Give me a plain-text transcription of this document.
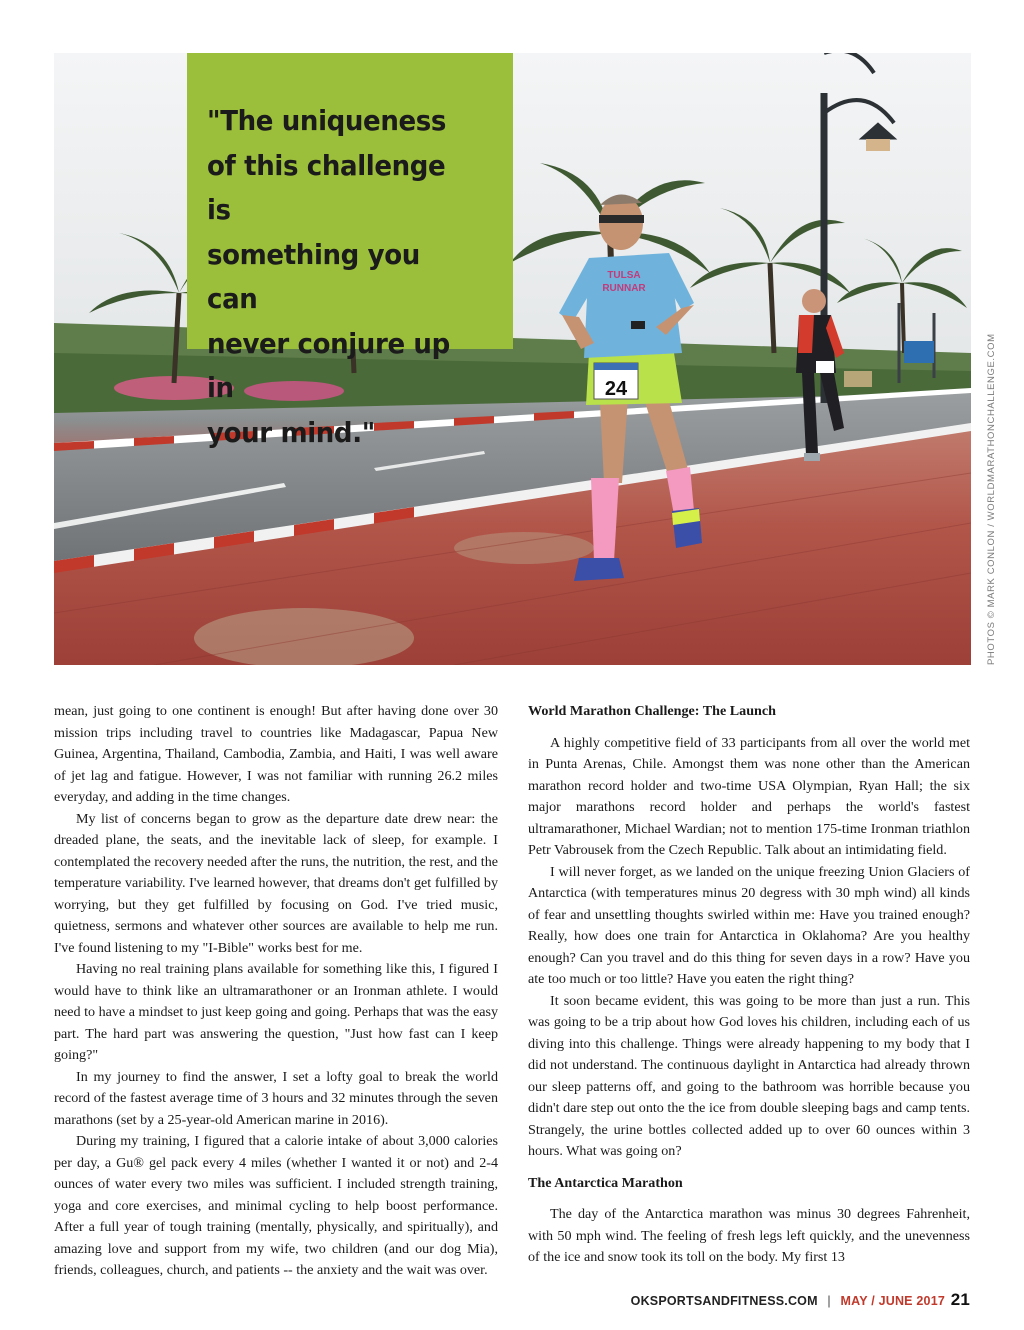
24
TULSA
RUNNAR
"The uniqueness
of this challenge is
something you can
never conjure up in
your mind."	PHOTOS © MARK CONLON / WORLDMARATHONCHALLENGE.COM

mean, just going to one continent is enough! But after having done over 30 mission trips including travel to countries like Madagascar, Papua New Guinea, Argentina, Thailand, Cambodia, Zambia, and Haiti, I was well aware of jet lag and fatigue. However, I was not familiar with running 26.2 miles everyday, and adding in the time changes.

My list of concerns began to grow as the departure date drew near: the dreaded plane, the seats, and the inevitable lack of sleep, for example. I contemplated the recovery needed after the runs, the nutrition, the rest, and the temperature variability. I've learned however, that dreams don't get fulfilled by worrying, but they get fulfilled by focusing on God. I've tried music, quietness, sermons and whatever other sources are available to help me run. I've found listening to my "I-Bible" works best for me.

Having no real training plans available for something like this, I figured I would have to think like an ultramarathoner or an Ironman athlete. I would need to have a mindset to just keep going and going. Perhaps that was the easy part. The hard part was answering the question, "Just how fast can I keep going?"

In my journey to find the answer, I set a lofty goal to break the world record of the fastest average time of 3 hours and 32 minutes through the seven marathons (set by a 25-year-old American marine in 2016).

During my training, I figured that a calorie intake of about 3,000 calories per day, a Gu® gel pack every 4 miles (whether I wanted it or not) and 2-4 ounces of water every two miles was sufficient. I included strength training, yoga and core exercises, and minimal cycling to help boost performance. After a full year of tough training (mentally, physically, and spiritually), and amazing love and support from my wife, two children (and our dog Mia), friends, colleagues, church, and patients -- the anxiety and the wait was over.

World Marathon Challenge: The Launch

A highly competitive field of 33 participants from all over the world met in Punta Arenas, Chile. Amongst them was none other than the American marathon record holder and two-time USA Olympian, Ryan Hall; the six major marathons record holder and perhaps the world's fastest ultramarathoner, Michael Wardian; not to mention 175-time Ironman triathlon Petr Vabrousek from the Czech Republic. Talk about an intimidating field.

I will never forget, as we landed on the unique freezing Union Glaciers of Antarctica (with temperatures minus 20 degress with 30 mph wind) all kinds of fear and unsettling thoughts swirled within me: Have you trained enough? Really, how does one train for Antarctica in Oklahoma? Are you healthy enough? Can you travel and do this thing for seven days in a row? Have you ate too much or too little? Have you eaten the right thing?

It soon became evident, this was going to be more than just a run. This was going to be a trip about how God loves his children, including each of us diving into this challenge. Things were already happening to my body that I did not understand. The continuous daylight in Antarctica had already thrown our sleep patterns off, and going to the bathroom was horrible because you didn't dare step out onto the the ice from double sleeping bags and camp tents. Strangely, the urine bottles collected added up to over 60 ounces within 3 hours. What was going on?

The Antarctica Marathon

The day of the Antarctica marathon was minus 30 degrees Fahrenheit, with 50 mph wind. The feeling of fresh legs left quickly, and the unevenness of the ice and snow took its toll on the body. My first 13

OKSPORTSANDFITNESS.COM | MAY / JUNE 2017 21
